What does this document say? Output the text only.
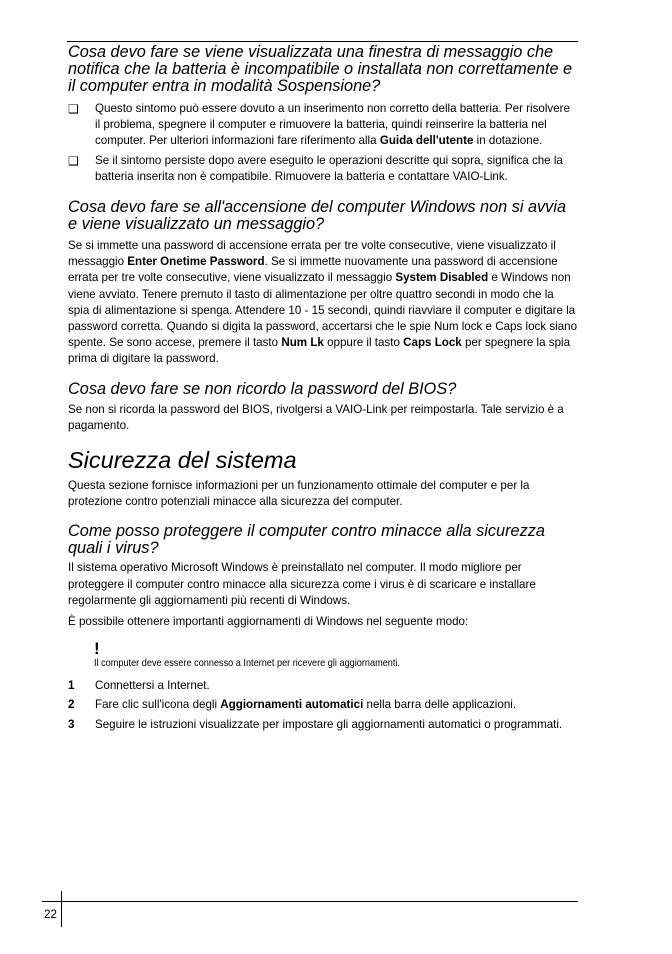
Cosa devo fare se viene visualizzata una finestra di messaggio che notifica che la batteria è incompatibile o installata non correttamente e il computer entra in modalità Sospensione?
❑	Questo sintomo può essere dovuto a un inserimento non corretto della batteria. Per risolvere il problema, spegnere il computer e rimuovere la batteria, quindi reinserire la batteria nel computer. Per ulteriori informazioni fare riferimento alla Guida dell'utente in dotazione.
❑	Se il sintomo persiste dopo avere eseguito le operazioni descritte qui sopra, significa che la batteria inserita non è compatibile. Rimuovere la batteria e contattare VAIO-Link.
Cosa devo fare se all'accensione del computer Windows non si avvia e viene visualizzato un messaggio?

Se si immette una password di accensione errata per tre volte consecutive, viene visualizzato il messaggio Enter Onetime Password. Se si immette nuovamente una password di accensione errata per tre volte consecutive, viene visualizzato il messaggio System Disabled e Windows non viene avviato. Tenere premuto il tasto di alimentazione per oltre quattro secondi in modo che la spia di alimentazione si spenga. Attendere 10 - 15 secondi, quindi riavviare il computer e digitare la password corretta. Quando si digita la password, accertarsi che le spie Num lock e Caps lock siano spente. Se sono accese, premere il tasto Num Lk oppure il tasto Caps Lock per spegnere la spia prima di digitare la password.

Cosa devo fare se non ricordo la password del BIOS?

Se non si ricorda la password del BIOS, rivolgersi a VAIO-Link per reimpostarla. Tale servizio è a pagamento.

Sicurezza del sistema

Questa sezione fornisce informazioni per un funzionamento ottimale del computer e per la protezione contro potenziali minacce alla sicurezza del computer.

Come posso proteggere il computer contro minacce alla sicurezza quali i virus?

Il sistema operativo Microsoft Windows è preinstallato nel computer. Il modo migliore per proteggere il computer contro minacce alla sicurezza come i virus è di scaricare e installare regolarmente gli aggiornamenti più recenti di Windows.

È possibile ottenere importanti aggiornamenti di Windows nel seguente modo:

!
Il computer deve essere connesso a Internet per ricevere gli aggiornamenti.
1	Connettersi a Internet.
2	Fare clic sull'icona degli Aggiornamenti automatici nella barra delle applicazioni.
3	Seguire le istruzioni visualizzate per impostare gli aggiornamenti automatici o programmati.
22
